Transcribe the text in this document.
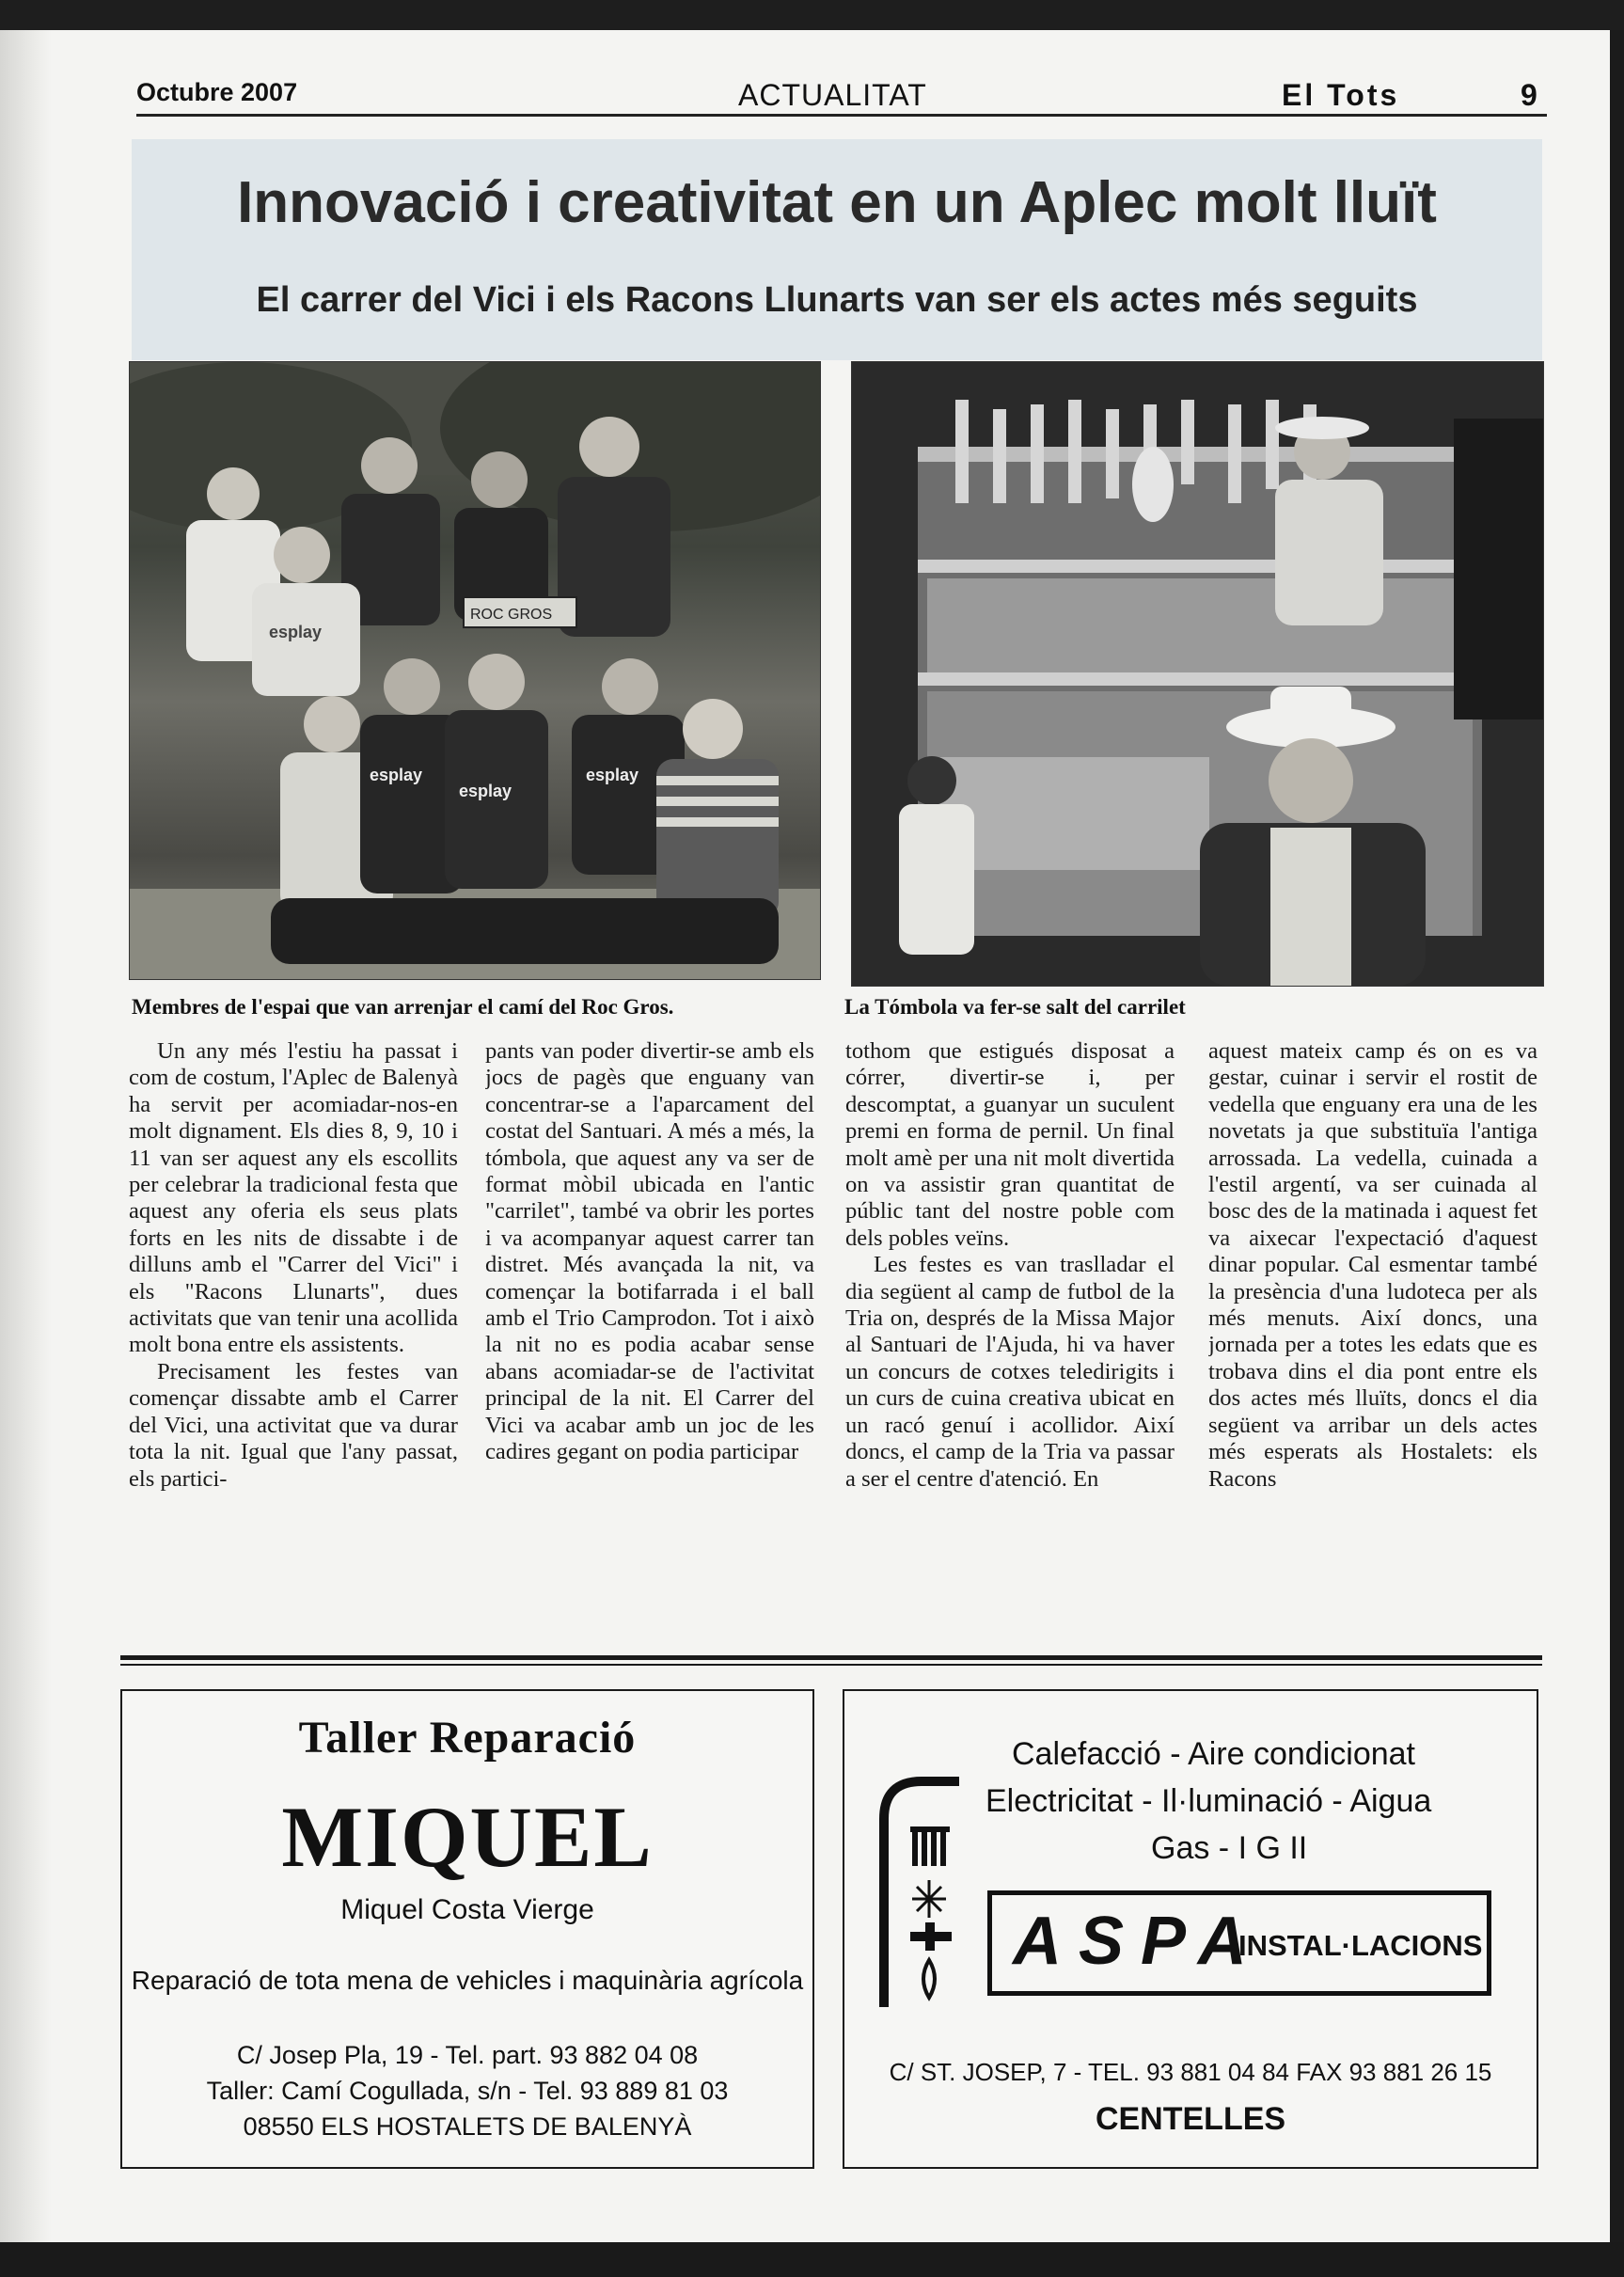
Octubre 2007	ACTUALITAT	El Tots	9
Innovació i creativitat en un Aplec molt lluït
El carrer del Vici i els Racons Llunarts van ser els actes més seguits
esplay
ROC GROS
esplay
esplay
esplay

Membres de l'espai que van arrenjar el camí del Roc Gros.	La Tómbola va fer-se salt del carrilet

Un any més l'estiu ha passat i com de costum, l'Aplec de Balenyà ha servit per acomiadar-nos-en molt dignament. Els dies 8, 9, 10 i 11 van ser aquest any els escollits per celebrar la tradicional festa que aquest any oferia els seus plats forts en les nits de dissabte i de dilluns amb el "Carrer del Vici" i els "Racons Llunarts", dues activitats que van tenir una acollida molt bona entre els assistents.

Precisament les festes van començar dissabte amb el Carrer del Vici, una activitat que va durar tota la nit. Igual que l'any passat, els partici-

pants van poder divertir-se amb els jocs de pagès que enguany van concentrar-se a l'aparcament del costat del Santuari. A més a més, la tómbola, que aquest any va ser de format mòbil ubicada en l'antic "carrilet", també va obrir les portes i va acompanyar aquest carrer tan distret. Més avançada la nit, va començar la botifarrada i el ball amb el Trio Camprodon. Tot i això la nit no es podia acabar sense abans acomiadar-se de l'activitat principal de la nit. El Carrer del Vici va acabar amb un joc de les cadires gegant on podia participar

tothom que estigués disposat a córrer, divertir-se i, per descomptat, a guanyar un suculent premi en forma de pernil. Un final molt amè per una nit molt divertida on va assistir gran quantitat de públic tant del nostre poble com dels pobles veïns.

Les festes es van traslladar el dia següent al camp de futbol de la Tria on, després de la Missa Major al Santuari de l'Ajuda, hi va haver un concurs de cotxes teledirigits i un curs de cuina creativa ubicat en un racó genuí i acollidor. Així doncs, el camp de la Tria va passar a ser el centre d'atenció. En

aquest mateix camp és on es va gestar, cuinar i servir el rostit de vedella que enguany era una de les novetats ja que substituïa l'antiga arrossada. La vedella, cuinada a l'estil argentí, va ser cuinada al bosc des de la matinada i aquest fet va aixecar l'expectació d'aquest dinar popular. Cal esmentar també la presència d'una ludoteca per als més menuts. Així doncs, una jornada per a totes les edats que es trobava dins el dia pont entre els dos actes més lluïts, doncs el dia següent va arribar un dels actes més esperats als Hostalets: els Racons

Taller Reparació
MIQUEL
Miquel Costa Vierge
Reparació de tota mena de vehicles i maquinària agrícola
C/ Josep Pla, 19 - Tel. part. 93 882 04 08
Taller: Camí Cogullada, s/n - Tel. 93 889 81 03
08550 ELS HOSTALETS DE BALENYÀ
Calefacció - Aire condicionat
Electricitat - Il·luminació - Aigua
Gas - I G II
ASPA
INSTAL·LACIONS
C/ ST. JOSEP, 7 - TEL. 93 881 04 84 FAX 93 881 26 15
CENTELLES
